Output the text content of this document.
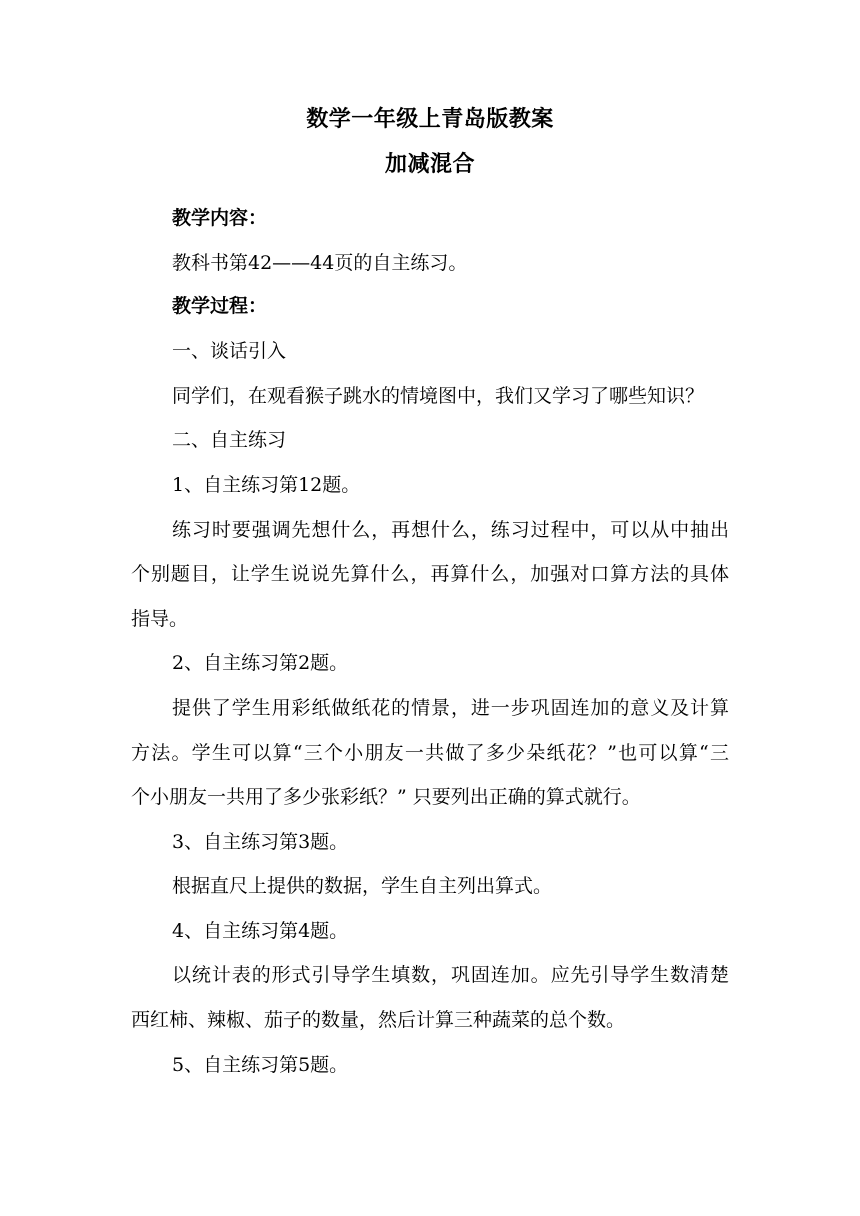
数学一年级上青岛版教案
加减混合
教学内容：
教科书第42——44页的自主练习。
教学过程：
一、谈话引入
同学们，在观看猴子跳水的情境图中，我们又学习了哪些知识？
二、自主练习
1、自主练习第12题。
练习时要强调先想什么，再想什么，练习过程中，可以从中抽出
个别题目，让学生说说先算什么，再算什么，加强对口算方法的具体
指导。
2、自主练习第2题。
提供了学生用彩纸做纸花的情景，进一步巩固连加的意义及计算
方法。学生可以算“三个小朋友一共做了多少朵纸花？”也可以算“三
个小朋友一共用了多少张彩纸？” 只要列出正确的算式就行。
3、自主练习第3题。
根据直尺上提供的数据，学生自主列出算式。
4、自主练习第4题。
以统计表的形式引导学生填数，巩固连加。应先引导学生数清楚
西红柿、辣椒、茄子的数量，然后计算三种蔬菜的总个数。
5、自主练习第5题。
